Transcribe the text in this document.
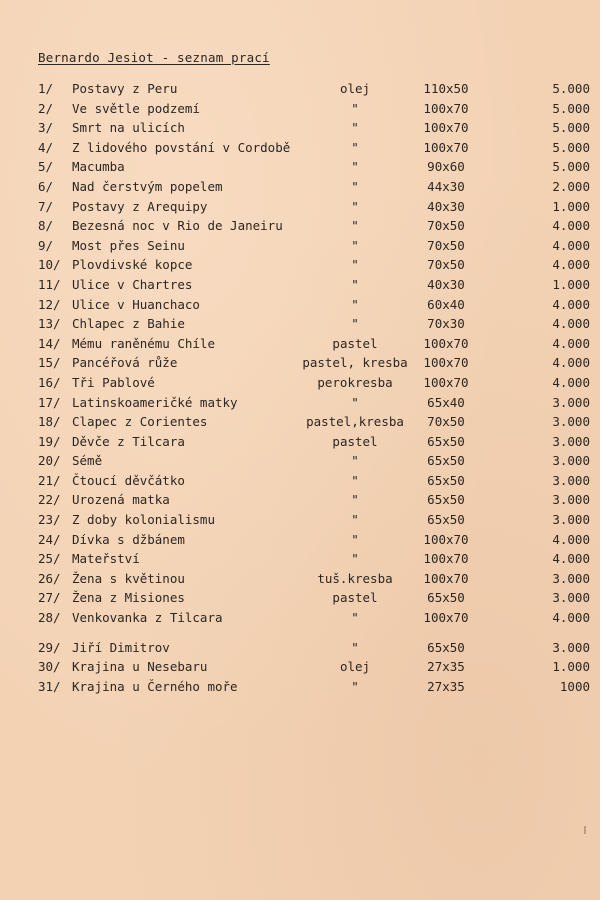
Bernardo Jesiot - seznam prací
1/ Postavy z Peru	olej	110x50	5.000
2/ Ve světle podzemí	"	100x70	5.000
3/ Smrt na ulicích	"	100x70	5.000
4/ Z lidového povstání v Cordobě	"	100x70	5.000
5/ Macumba	"	90x60	5.000
6/ Nad čerstvým popelem	"	44x30	2.000
7/ Postavy z Arequipy	"	40x30	1.000
8/ Bezesná noc v Rio de Janeiru	"	70x50	4.000
9/ Most přes Seinu	"	70x50	4.000
10/ Plovdivské kopce	"	70x50	4.000
11/ Ulice v Chartres	"	40x30	1.000
12/ Ulice v Huanchaco	"	60x40	4.000
13/ Chlapec z Bahie	"	70x30	4.000
14/ Mému raněnému Chíle	pastel	100x70	4.000
15/ Pancéřová růže	pastel, kresba	100x70	4.000
16/ Tři Pablové	perokresba	100x70	4.000
17/ Latinskoameričké matky	"	65x40	3.000
18/ Clapec z Corientes	pastel,kresba	70x50	3.000
19/ Děvče z Tilcara	pastel	65x50	3.000
20/ Sémě	"	65x50	3.000
21/ Čtoucí děvčátko	"	65x50	3.000
22/ Urozená matka	"	65x50	3.000
23/ Z doby kolonialismu	"	65x50	3.000
24/ Dívka s džbánem	"	100x70	4.000
25/ Mateřství	"	100x70	4.000
26/ Žena s květinou	tuš.kresba	100x70	3.000
27/ Žena z Misiones	pastel	65x50	3.000
28/ Venkovanka z Tilcara	"	100x70	4.000
29/ Jiří Dimitrov	"	65x50	3.000
30/ Krajina u Nesebaru	olej	27x35	1.000
31/ Krajina u Černého moře	"	27x35	1000
